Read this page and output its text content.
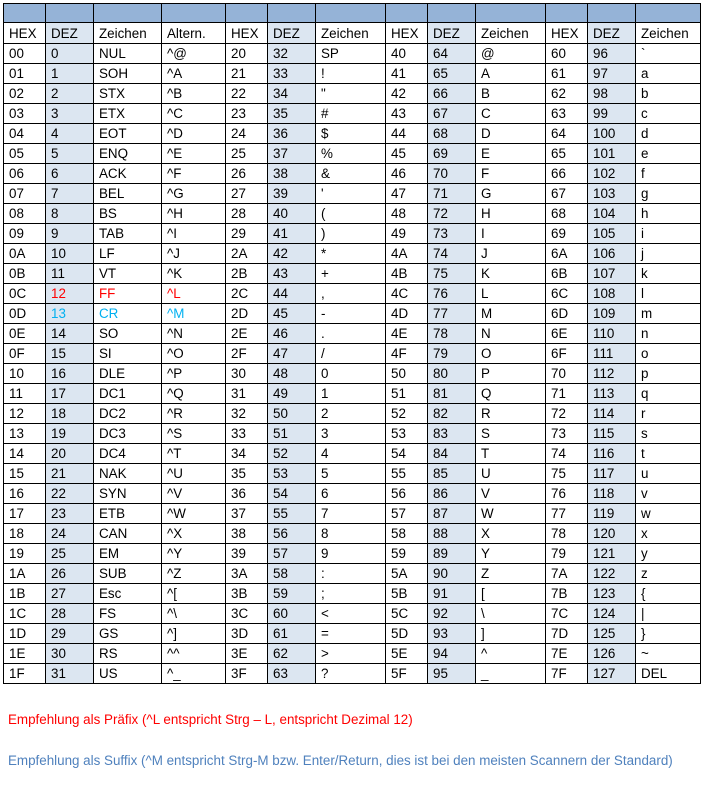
HEX	DEZ	Zeichen	Altern.	HEX	DEZ	Zeichen	HEX	DEZ	Zeichen	HEX	DEZ	Zeichen
00	0	NUL	^@	20	32	SP	40	64	@	60	96	`
01	1	SOH	^A	21	33	!	41	65	A	61	97	a
02	2	STX	^B	22	34	"	42	66	B	62	98	b
03	3	ETX	^C	23	35	#	43	67	C	63	99	c
04	4	EOT	^D	24	36	$	44	68	D	64	100	d
05	5	ENQ	^E	25	37	%	45	69	E	65	101	e
06	6	ACK	^F	26	38	&	46	70	F	66	102	f
07	7	BEL	^G	27	39	'	47	71	G	67	103	g
08	8	BS	^H	28	40	(	48	72	H	68	104	h
09	9	TAB	^I	29	41	)	49	73	I	69	105	i
0A	10	LF	^J	2A	42	*	4A	74	J	6A	106	j
0B	11	VT	^K	2B	43	+	4B	75	K	6B	107	k
0C	12	FF	^L	2C	44	,	4C	76	L	6C	108	l
0D	13	CR	^M	2D	45	-	4D	77	M	6D	109	m
0E	14	SO	^N	2E	46	.	4E	78	N	6E	110	n
0F	15	SI	^O	2F	47	/	4F	79	O	6F	111	o
10	16	DLE	^P	30	48	0	50	80	P	70	112	p
11	17	DC1	^Q	31	49	1	51	81	Q	71	113	q
12	18	DC2	^R	32	50	2	52	82	R	72	114	r
13	19	DC3	^S	33	51	3	53	83	S	73	115	s
14	20	DC4	^T	34	52	4	54	84	T	74	116	t
15	21	NAK	^U	35	53	5	55	85	U	75	117	u
16	22	SYN	^V	36	54	6	56	86	V	76	118	v
17	23	ETB	^W	37	55	7	57	87	W	77	119	w
18	24	CAN	^X	38	56	8	58	88	X	78	120	x
19	25	EM	^Y	39	57	9	59	89	Y	79	121	y
1A	26	SUB	^Z	3A	58	:	5A	90	Z	7A	122	z
1B	27	Esc	^[	3B	59	;	5B	91	[	7B	123	{
1C	28	FS	^\	3C	60	<	5C	92	\	7C	124	|
1D	29	GS	^]	3D	61	=	5D	93	]	7D	125	}
1E	30	RS	^^	3E	62	>	5E	94	^	7E	126	~
1F	31	US	^_	3F	63	?	5F	95	_	7F	127	DEL
Empfehlung als Präfix (^L entspricht Strg – L, entspricht Dezimal 12)
Empfehlung als Suffix (^M entspricht Strg-M bzw. Enter/Return, dies ist bei den meisten Scannern der Standard)
